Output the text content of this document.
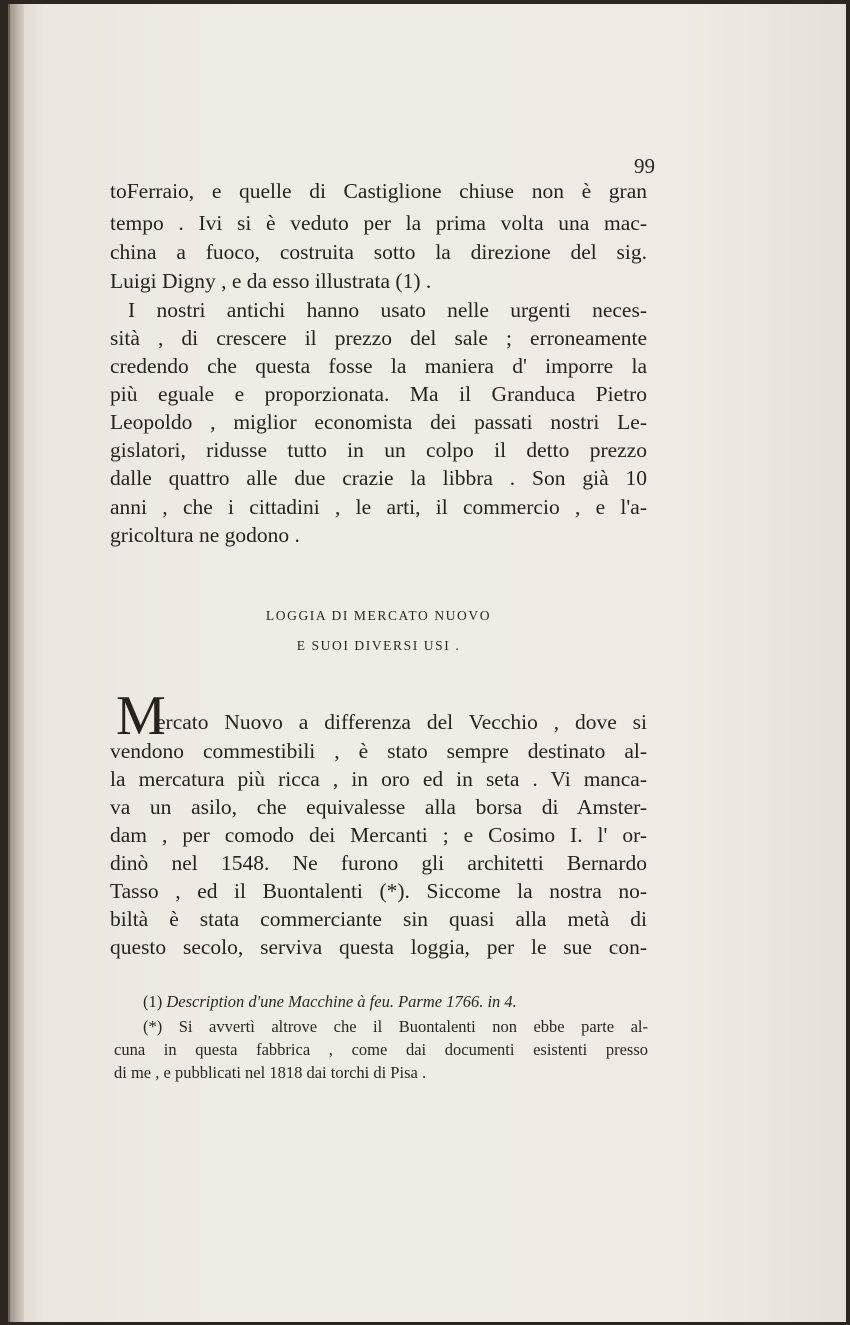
99
toFerraio, e quelle di Castiglione chiuse non è gran
tempo . Ivi si è veduto per la prima volta una mac-
china a fuoco, costruita sotto la direzione del sig.
Luigi Digny , e da esso illustrata (1) .
I nostri antichi hanno usato nelle urgenti neces-
sità , di crescere il prezzo del sale ; erroneamente
credendo che questa fosse la maniera d' imporre la
più eguale e proporzionata. Ma il Granduca Pietro
Leopoldo , miglior economista dei passati nostri Le-
gislatori, ridusse tutto in un colpo il detto prezzo
dalle quattro alle due crazie la libbra . Son già 10
anni , che i cittadini , le arti, il commercio , e l'a-
gricoltura ne godono .
LOGGIA DI MERCATO NUOVO
E SUOI DIVERSI USI .
M
ercato Nuovo a differenza del Vecchio , dove si
vendono commestibili , è stato sempre destinato al-
la mercatura più ricca , in oro ed in seta . Vi manca-
va un asilo, che equivalesse alla borsa di Amster-
dam , per comodo dei Mercanti ; e Cosimo I. l' or-
dinò nel 1548. Ne furono gli architetti Bernardo
Tasso , ed il Buontalenti (*). Siccome la nostra no-
biltà è stata commerciante sin quasi alla metà di
questo secolo, serviva questa loggia, per le sue con-
(1) Description d'une Macchine à feu. Parme 1766. in 4.
(*) Si avvertì altrove che il Buontalenti non ebbe parte al-
cuna in questa fabbrica , come dai documenti esistenti presso
di me , e pubblicati nel 1818 dai torchi di Pisa .
